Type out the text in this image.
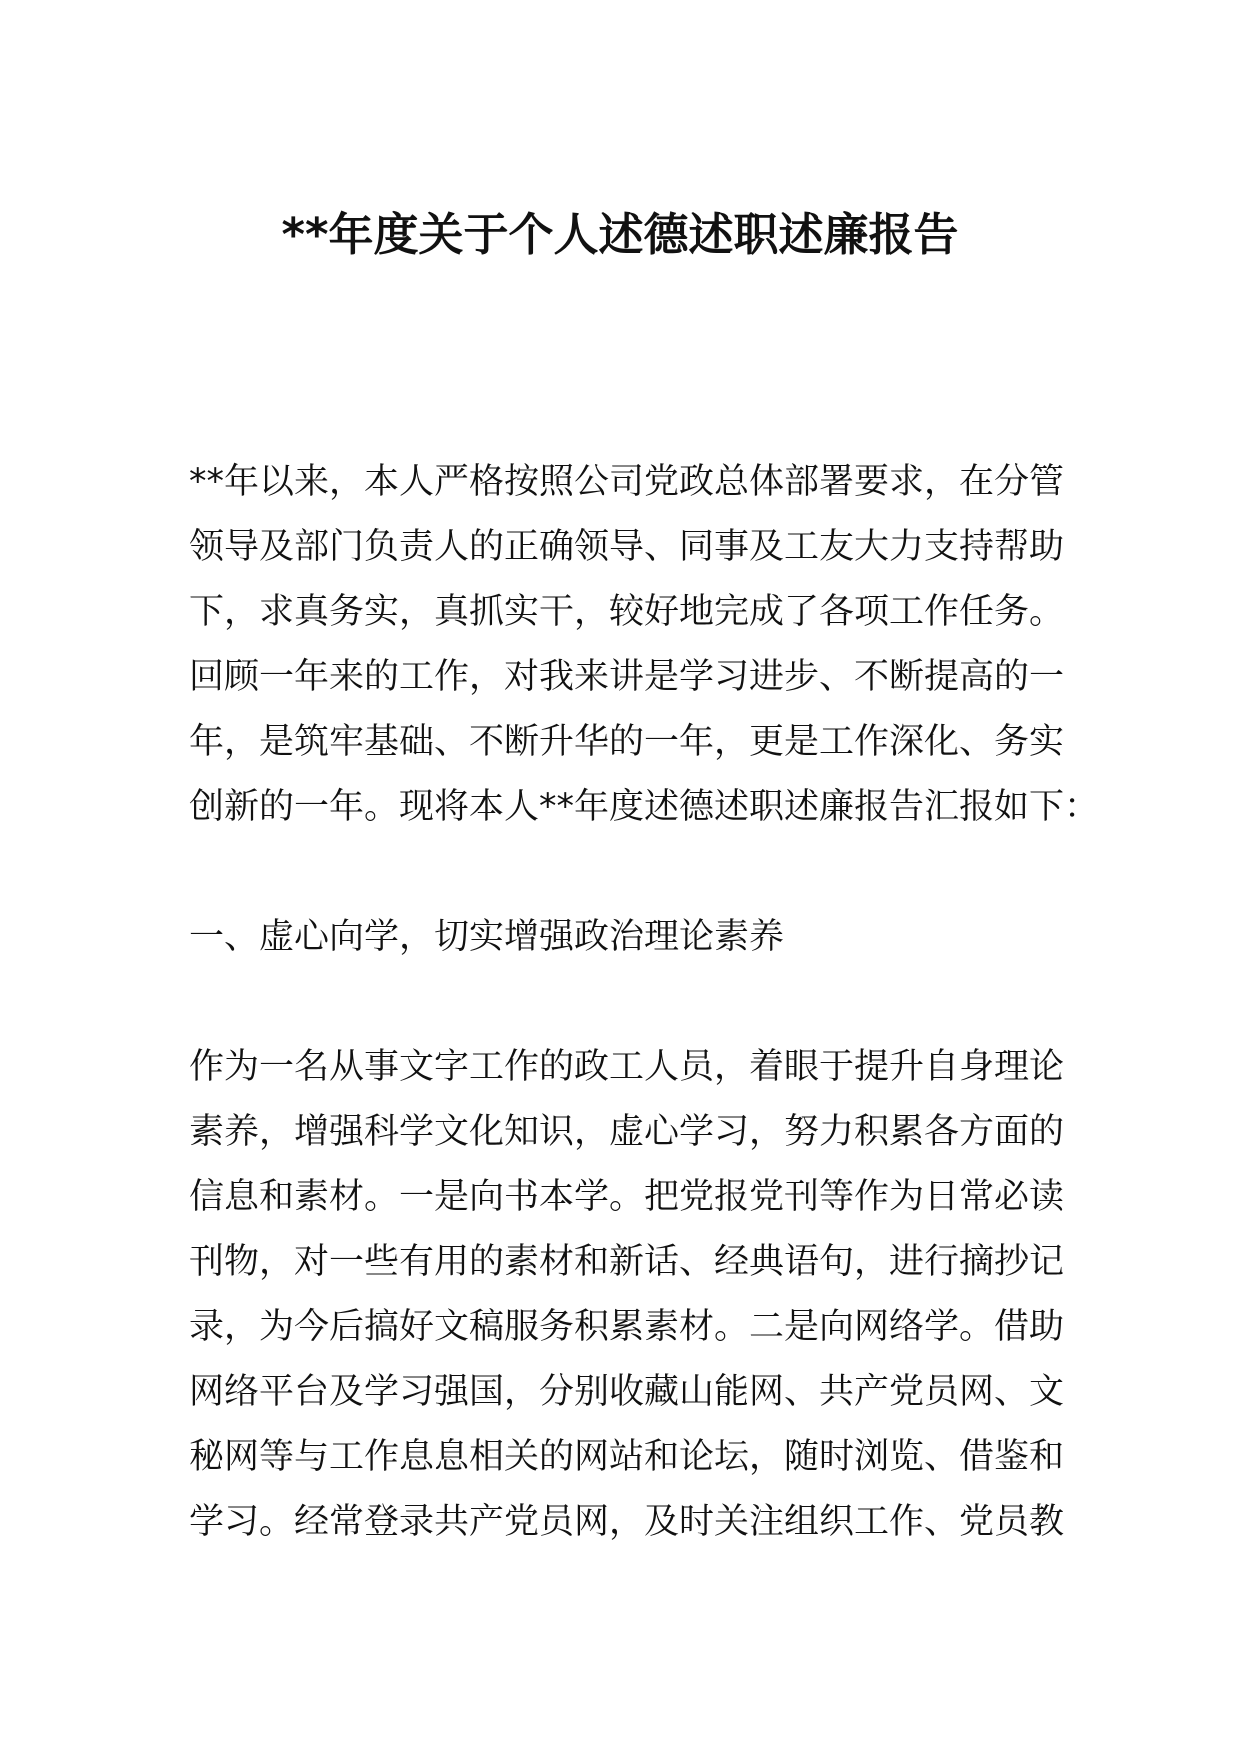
**年度关于个人述德述职述廉报告
**年以来，本人严格按照公司党政总体部署要求，在分管
领导及部门负责人的正确领导、同事及工友大力支持帮助
下，求真务实，真抓实干，较好地完成了各项工作任务。
回顾一年来的工作，对我来讲是学习进步、不断提高的一
年，是筑牢基础、不断升华的一年，更是工作深化、务实
创新的一年。现将本人**年度述德述职述廉报告汇报如下：
一、虚心向学，切实增强政治理论素养
作为一名从事文字工作的政工人员，着眼于提升自身理论
素养，增强科学文化知识，虚心学习，努力积累各方面的
信息和素材。一是向书本学。把党报党刊等作为日常必读
刊物，对一些有用的素材和新话、经典语句，进行摘抄记
录，为今后搞好文稿服务积累素材。二是向网络学。借助
网络平台及学习强国，分别收藏山能网、共产党员网、文
秘网等与工作息息相关的网站和论坛，随时浏览、借鉴和
学习。经常登录共产党员网，及时关注组织工作、党员教
